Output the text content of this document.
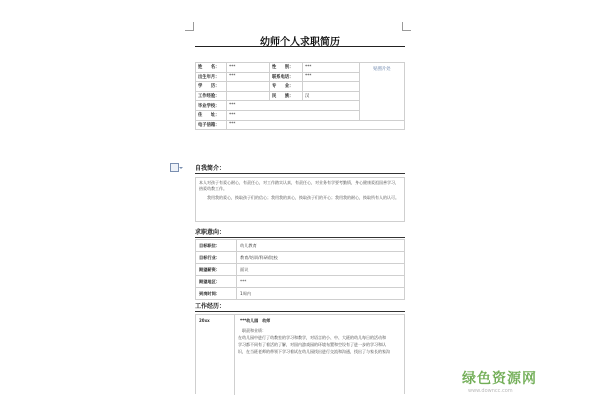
幼师个人求职简历
姓　　名：	***	性　　别：	***	贴照片处
出生年月：	***	联系电话：	***	
学　　历：		专　　业：		
工作经验：		民　　族：	汉	
毕业学校：	***			
住　　址：	***			
电子信箱：	***			
自我简介：

本人对孩子有爱心耐心，有责任心，对工作踏实认真，有责任心，对业务有学要考勤情，身心健康爱祖国善学习，热爱幼教工作。

我用我的爱心，换取孩子们的信心；我用我的真心，换取孩子们的开心；我用我的耐心，换取所有人的认可。

求职意向：
目标职位：	幼儿教育
目标行业：	教育/培训/科研/院校
期望薪资：	面议
期望地区：	***
到岗时间：	1周内
工作经历：
20xx	***幼儿园　幼师

职责和业绩：

在幼儿园中进行了幼教室的学习和教学，对语言的小、中、大班的幼儿每日的活动和

学习都不同有了着活的了解，对国内游戏园的环境布置和空设有了进一步的学习和认

识，在当班老师的带领下学习着试在幼儿园找出进行交流和沟通，找出了与家长的家沟

绿色资源网
www.downcc.com
